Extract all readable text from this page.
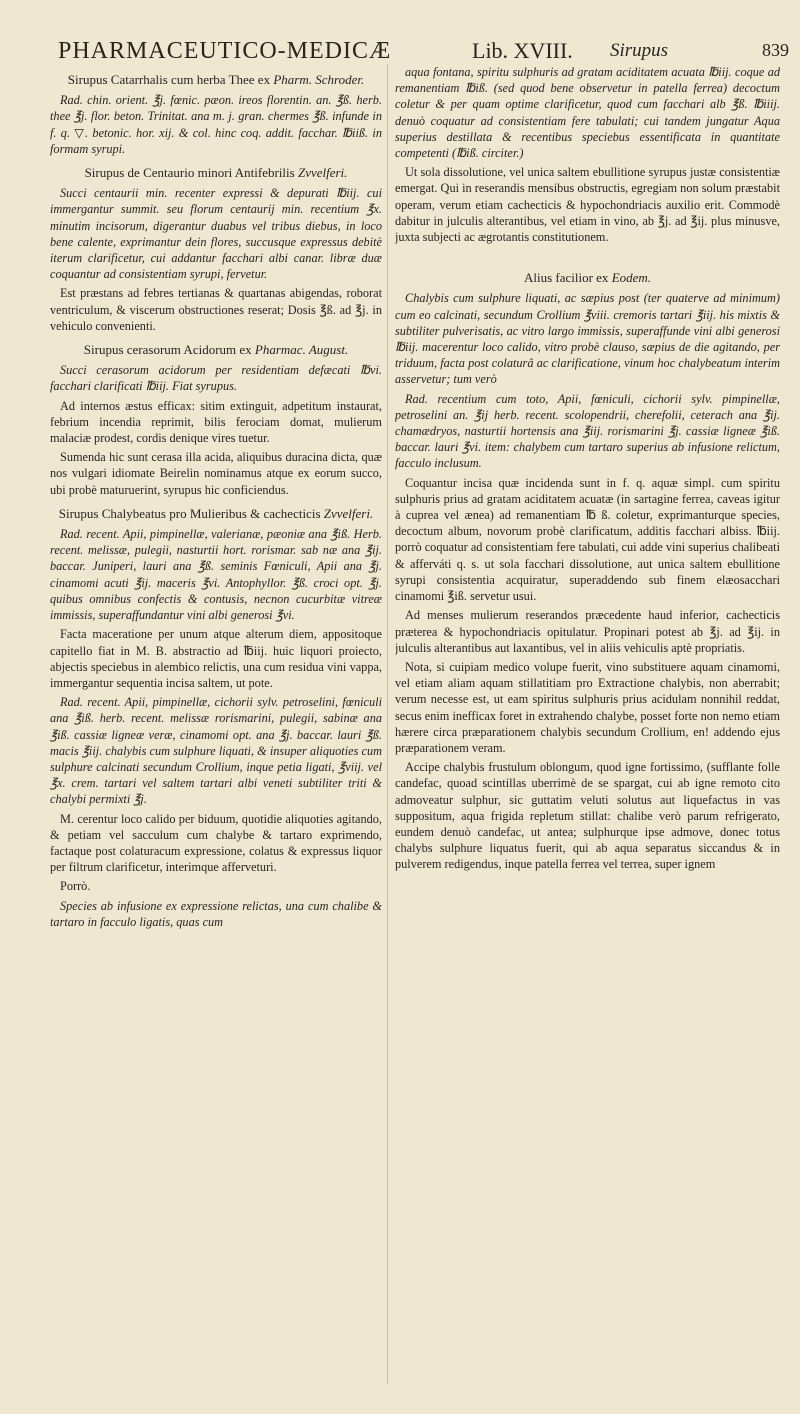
PHARMACEUTICO-MEDICÆ	Lib. XVIII. Sirupus	839
Sirupus Catarrhalis cum herba Thee ex Pharm. Schroder.

Rad. chin. orient. ℥j. fœnic. pæon. ireos florentin. an. ℥ß. herb. thee ℥j. flor. beton. Trinitat. ana m. j. gran. chermes ℥ß. infunde in f. q. ▽. betonic. hor. xij. & col. hinc coq. addit. facchar. ℔iiß. in formam syrupi.

Sirupus de Centaurio minori Antifebrilis Zvvelferi.

Succi centaurii min. recenter expressi & depurati ℔iij. cui immergantur summit. seu florum centaurij min. recentium ℥x. minutim incisorum, digerantur duabus vel tribus diebus, in loco bene calente, exprimantur dein flores, succusque expressus debitè iterum clarificetur, cui addantur facchari albi canar. libræ duæ coquantur ad consistentiam syrupi, fervetur.

Est præstans ad febres tertianas & quartanas abigendas, roborat ventriculum, & viscerum obstructiones reserat; Dosis ℥ß. ad ℥j. in vehiculo convenienti.

Sirupus cerasorum Acidorum ex Pharmac. August.

Succi cerasorum acidorum per residentiam defæcati ℔vi. facchari clarificati ℔iij. Fiat syrupus.

Ad internos æstus efficax: sitim extinguit, adpetitum instaurat, febrium incendia reprimit, bilis ferociam domat, mulierum malaciæ prodest, cordis denique vires tuetur.

Sumenda hic sunt cerasa illa acida, aliquibus duracina dicta, quæ nos vulgari idiomate Beirelin nominamus atque ex eorum succo, ubi probè maturuerint, syrupus hic conficiendus.

Sirupus Chalybeatus pro Mulieribus & cachecticis Zvvelferi.

Rad. recent. Apii, pimpinellæ, valerianæ, pæoniæ ana ℥iß. Herb. recent. melissæ, pulegii, nasturtii hort. rorismar. sab næ ana ℥ij. baccar. Juniperi, lauri ana ℥ß. seminis Fœniculi, Apii ana ℥j. cinamomi acuti ℥ij. maceris ℥vi. Antophyllor. ℥ß. croci opt. ℥j. quibus omnibus confectis & contusis, necnon cucurbitæ vitreæ immissis, superaffundantur vini albi generosi ℥vi.

Facta maceratione per unum atque alterum diem, appositoque capitello fiat in M. B. abstractio ad ℔iij. huic liquori proiecto, abjectis speciebus in alembico relictis, una cum residua vini vappa, immergantur sequentia incisa saltem, ut pote.

Rad. recent. Apii, pimpinellæ, cichorii sylv. petroselini, fœniculi ana ℥iß. herb. recent. melissæ rorismarini, pulegii, sabinæ ana ℥iß. cassiæ ligneæ veræ, cinamomi opt. ana ℥j. baccar. lauri ℥ß. macis ℥iij. chalybis cum sulphure liquati, & insuper aliquoties cum sulphure calcinati secundum Crollium, inque petia ligati, ℥viij. vel ℥x. crem. tartari vel saltem tartari albi veneti subtiliter triti & chalybi permixti ℥j.

M. cerentur loco calido per biduum, quotidie aliquoties agitando, & petiam vel sacculum cum chalybe & tartaro exprimendo, factaque post colaturacum expressione, colatus & expressus liquor per filtrum clarificetur, interimque afferveturi.

Porrò.

Species ab infusione ex expressione relictas, una cum chalibe & tartaro in facculo ligatis, quas cum

aqua fontana, spiritu sulphuris ad gratam aciditatem acuata ℔iij. coque ad remanentiam ℔iß. (sed quod bene observetur in patella ferrea) decoctum coletur & per quam optime clarificetur, quod cum facchari alb ℥ß. ℔iiij. denuò coquatur ad consistentiam fere tabulati; cui tandem jungatur Aqua superius destillata & recentibus speciebus essentificata in quantitate competenti (℔iß. circiter.)

Ut sola dissolutione, vel unica saltem ebullitione syrupus justæ consistentiæ emergat. Qui in reserandis mensibus obstructis, egregiam non solum præstabit operam, verum etiam cachecticis & hypochondriacis auxilio erit. Commodè dabitur in julculis alterantibus, vel etiam in vino, ab ℥j. ad ℥ij. plus minusve, juxta subjecti ac ægrotantis constitutionem.

Alius facilior ex Eodem.

Chalybis cum sulphure liquati, ac sæpius post (ter quaterve ad minimum) cum eo calcinati, secundum Crollium ℥viii. cremoris tartari ℥iij. his mixtis & subtiliter pulverisatis, ac vitro largo immissis, superaffunde vini albi generosi ℔iij. macerentur loco calido, vitro probè clauso, sæpius de die agitando, per triduum, facta post colaturâ ac clarificatione, vinum hoc chalybeatum interim asservetur; tum verò

Rad. recentium cum toto, Apii, fœniculi, cichorii sylv. pimpinellæ, petroselini an. ℥ij herb. recent. scolopendrii, cherefolii, ceterach ana ℥ij. chamædryos, nasturtii hortensis ana ℥iij. rorismarini ℥j. cassiæ ligneæ ℥iß. baccar. lauri ℥vi. item: chalybem cum tartaro superius ab infusione relictum, facculo inclusum.

Coquantur incisa quæ incidenda sunt in f. q. aquæ simpl. cum spiritu sulphuris prius ad gratam aciditatem acuatæ (in sartagine ferrea, caveas igitur à cuprea vel ænea) ad remanentiam ℔ ß. coletur, exprimanturque species, decoctum album, novorum probè clarificatum, additis facchari albiss. ℔iij. porrò coquatur ad consistentiam fere tabulati, cui adde vini superius chalibeati & afferváti q. s. ut sola facchari dissolutione, aut unica saltem ebullitione syrupi consistentia acquiratur, superaddendo sub finem elæosacchari cinamomi ℥iß. servetur usui.

Ad menses mulierum reserandos præcedente haud inferior, cachecticis præterea & hypochondriacis opitulatur. Propinari potest ab ℥j. ad ℥ij. in julculis alterantibus aut laxantibus, vel in aliis vehiculis aptè propriatis.

Nota, si cuipiam medico volupe fuerit, vino substituere aquam cinamomi, vel etiam aliam aquam stillatitiam pro Extractione chalybis, non aberrabit; verum necesse est, ut eam spiritus sulphuris prius acidulam nonnihil reddat, secus enim inefficax foret in extrahendo chalybe, posset forte non nemo etiam hærere circa præparationem chalybis secundum Crollium, en! addendo ejus præparationem veram.

Accipe chalybis frustulum oblongum, quod igne fortissimo, (sufflante folle candefac, quoad scintillas uberrimè de se spargat, cui ab igne remoto cito admoveatur sulphur, sic guttatim veluti solutus aut liquefactus in vas suppositum, aqua frigida repletum stillat: chalibe verò parum refrigerato, eundem denuò candefac, ut antea; sulphurque ipse admove, donec totus chalybs sulphure liquatus fuerit, qui ab aqua separatus siccandus & in pulverem redigendus, inque patella ferrea vel terrea, super ignem
